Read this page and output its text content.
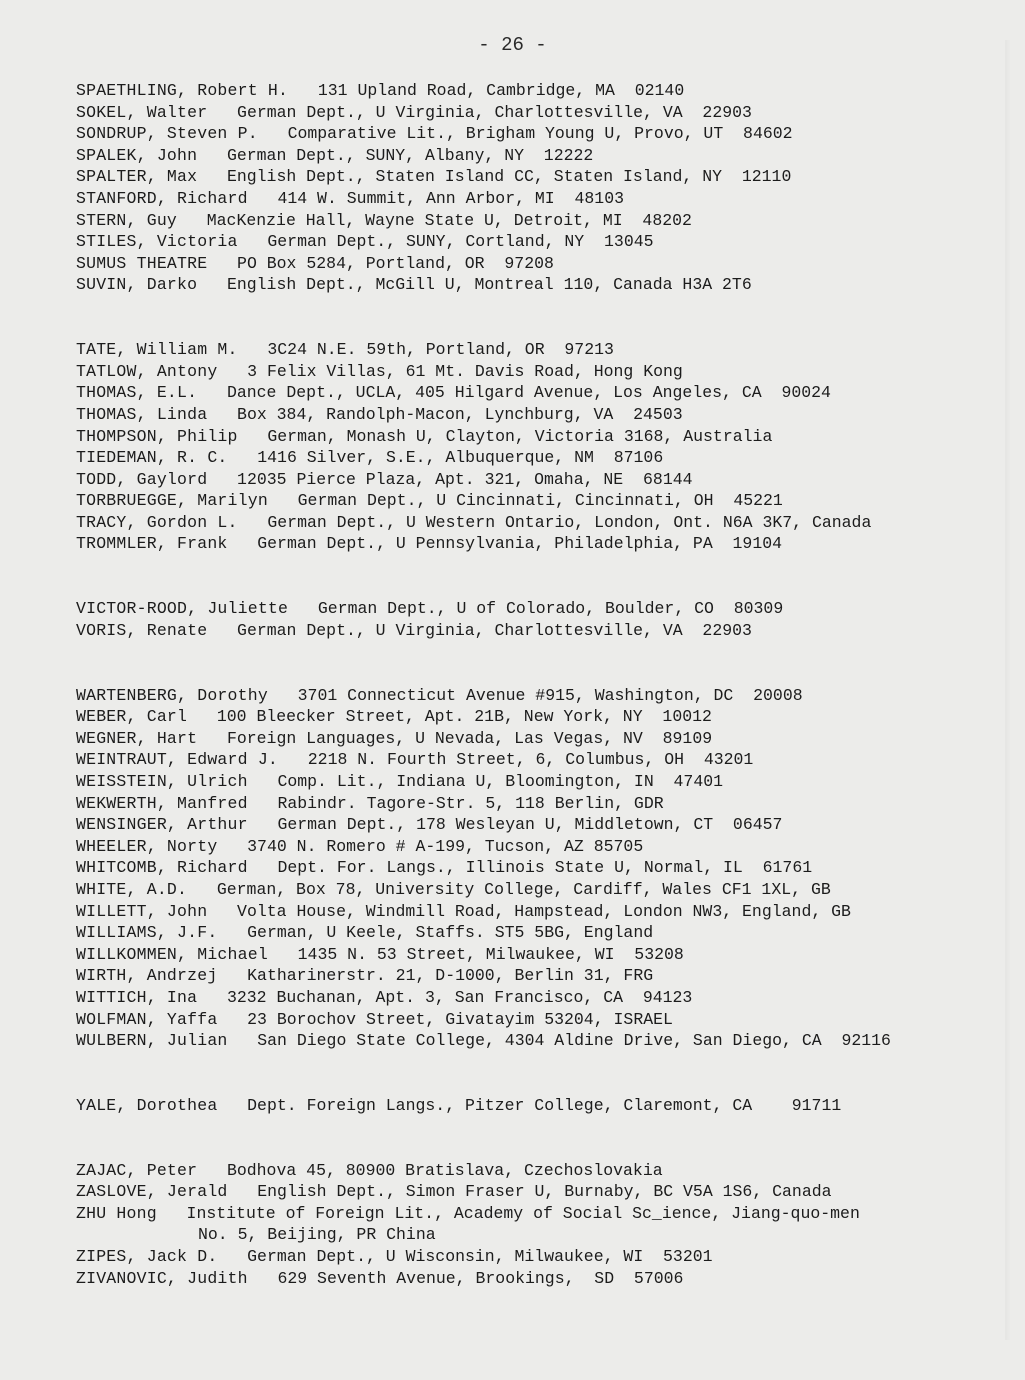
- 26 -
SPAETHLING, Robert H. 131 Upland Road, Cambridge, MA  02140
SOKEL, Walter German Dept., U Virginia, Charlottesville, VA  22903
SONDRUP, Steven P. Comparative Lit., Brigham Young U, Provo, UT  84602
SPALEK, John German Dept., SUNY, Albany, NY  12222
SPALTER, Max English Dept., Staten Island CC, Staten Island, NY  12110
STANFORD, Richard 414 W. Summit, Ann Arbor, MI  48103
STERN, Guy MacKenzie Hall, Wayne State U, Detroit, MI  48202
STILES, Victoria German Dept., SUNY, Cortland, NY  13045
SUMUS THEATRE PO Box 5284, Portland, OR  97208
SUVIN, Darko English Dept., McGill U, Montreal 110, Canada H3A 2T6
TATE, William M. 3C24 N.E. 59th, Portland, OR  97213
TATLOW, Antony 3 Felix Villas, 61 Mt. Davis Road, Hong Kong
THOMAS, E.L. Dance Dept., UCLA, 405 Hilgard Avenue, Los Angeles, CA  90024
THOMAS, Linda Box 384, Randolph-Macon, Lynchburg, VA  24503
THOMPSON, Philip German, Monash U, Clayton, Victoria 3168, Australia
TIEDEMAN, R. C. 1416 Silver, S.E., Albuquerque, NM  87106
TODD, Gaylord 12035 Pierce Plaza, Apt. 321, Omaha, NE  68144
TORBRUEGGE, Marilyn German Dept., U Cincinnati, Cincinnati, OH  45221
TRACY, Gordon L. German Dept., U Western Ontario, London, Ont. N6A 3K7, Canada
TROMMLER, Frank German Dept., U Pennsylvania, Philadelphia, PA  19104
VICTOR-ROOD, Juliette German Dept., U of Colorado, Boulder, CO  80309
VORIS, Renate German Dept., U Virginia, Charlottesville, VA  22903
WARTENBERG, Dorothy 3701 Connecticut Avenue #915, Washington, DC  20008
WEBER, Carl 100 Bleecker Street, Apt. 21B, New York, NY  10012
WEGNER, Hart Foreign Languages, U Nevada, Las Vegas, NV  89109
WEINTRAUT, Edward J. 2218 N. Fourth Street, 6, Columbus, OH  43201
WEISSTEIN, Ulrich Comp. Lit., Indiana U, Bloomington, IN  47401
WEKWERTH, Manfred Rabindr. Tagore-Str. 5, 118 Berlin, GDR
WENSINGER, Arthur German Dept., 178 Wesleyan U, Middletown, CT  06457
WHEELER, Norty 3740 N. Romero # A-199, Tucson, AZ 85705
WHITCOMB, Richard Dept. For. Langs., Illinois State U, Normal, IL  61761
WHITE, A.D. German, Box 78, University College, Cardiff, Wales CF1 1XL, GB
WILLETT, John Volta House, Windmill Road, Hampstead, London NW3, England, GB
WILLIAMS, J.F. German, U Keele, Staffs. ST5 5BG, England
WILLKOMMEN, Michael 1435 N. 53 Street, Milwaukee, WI  53208
WIRTH, Andrzej Katharinerstr. 21, D-1000, Berlin 31, FRG
WITTICH, Ina 3232 Buchanan, Apt. 3, San Francisco, CA  94123
WOLFMAN, Yaffa 23 Borochov Street, Givatayim 53204, ISRAEL
WULBERN, Julian San Diego State College, 4304 Aldine Drive, San Diego, CA  92116
YALE, Dorothea Dept. Foreign Langs., Pitzer College, Claremont, CA    91711
ZAJAC, Peter Bodhova 45, 80900 Bratislava, Czechoslovakia
ZASLOVE, Jerald English Dept., Simon Fraser U, Burnaby, BC V5A 1S6, Canada
ZHU Hong Institute of Foreign Lit., Academy of Social Sc_ience, Jiang-quo-men
No. 5, Beijing, PR China
ZIPES, Jack D. German Dept., U Wisconsin, Milwaukee, WI  53201
ZIVANOVIC, Judith 629 Seventh Avenue, Brookings,  SD  57006
